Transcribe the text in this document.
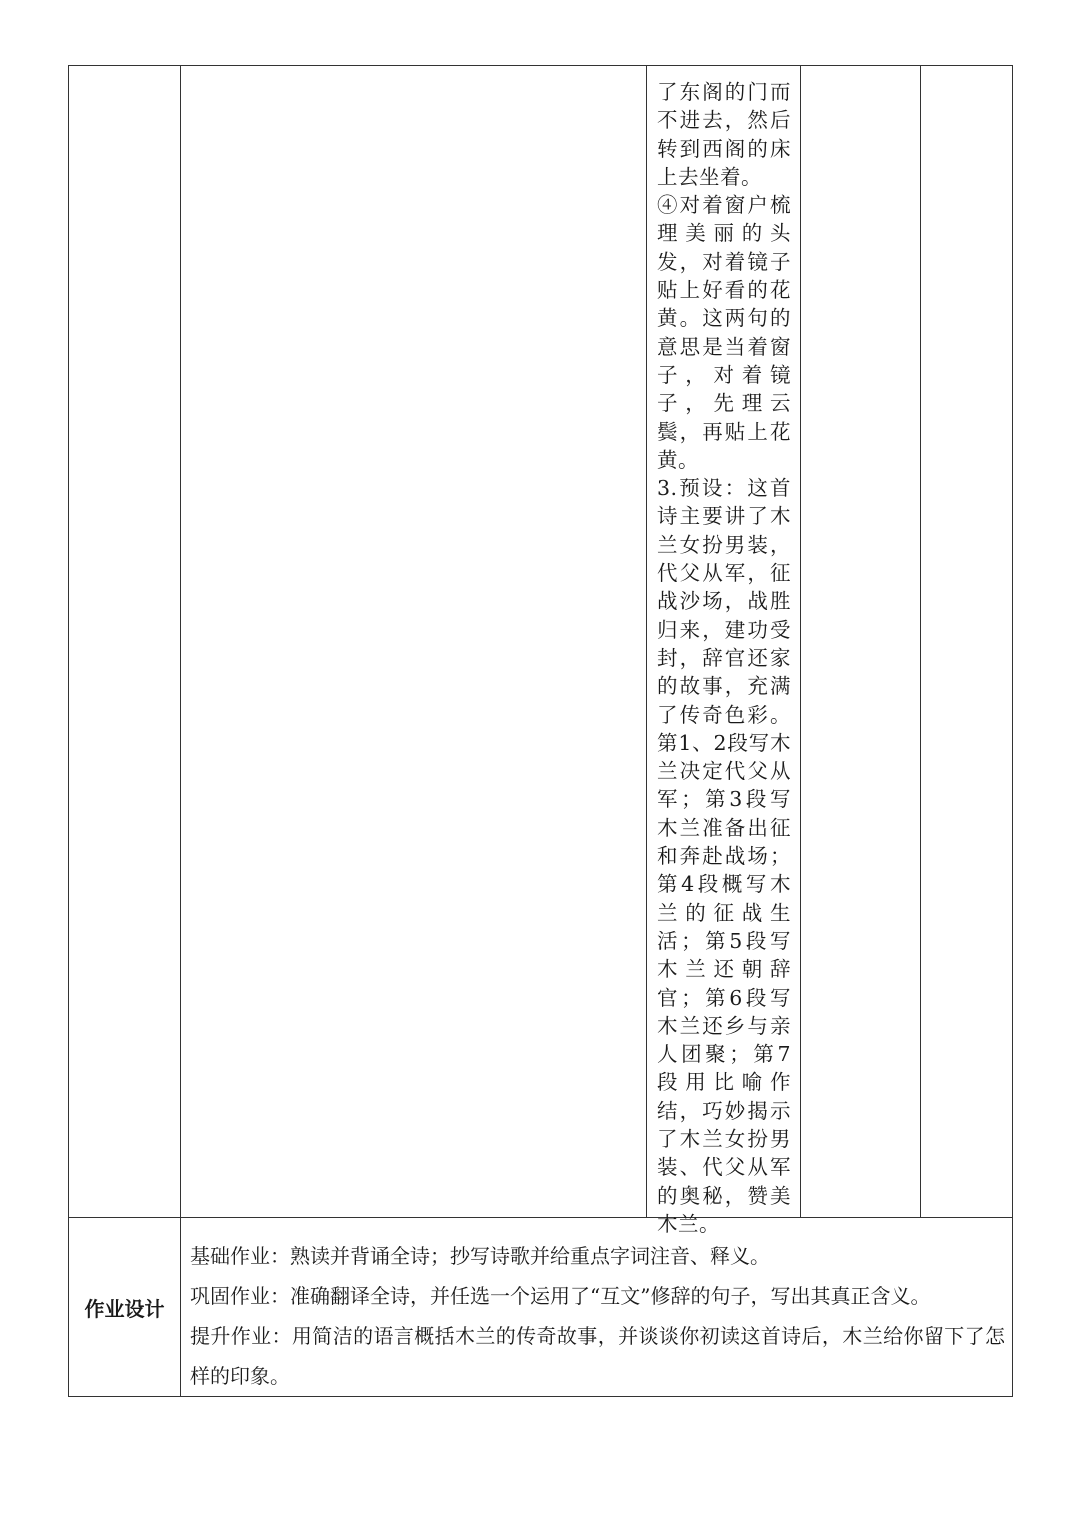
了东阁的门而不进去，然后转到西阁的床上去坐着。

④对着窗户梳理美丽的头发，对着镜子贴上好看的花黄。这两句的意思是当着窗子，对着镜子，先理云鬓，再贴上花黄。

3.预设：这首诗主要讲了木兰女扮男装，代父从军，征战沙场，战胜归来，建功受封，辞官还家的故事，充满了传奇色彩。第1、2段写木兰决定代父从军；第3段写木兰准备出征和奔赴战场；第4段概写木兰的征战生活；第5段写木兰还朝辞官；第6段写木兰还乡与亲人团聚；第7段用比喻作结，巧妙揭示了木兰女扮男装、代父从军的奥秘，赞美木兰。

作业设计

基础作业：熟读并背诵全诗；抄写诗歌并给重点字词注音、释义。

巩固作业：准确翻译全诗，并任选一个运用了“互文”修辞的句子，写出其真正含义。

提升作业：用简洁的语言概括木兰的传奇故事，并谈谈你初读这首诗后，木兰给你留下了怎样的印象。
